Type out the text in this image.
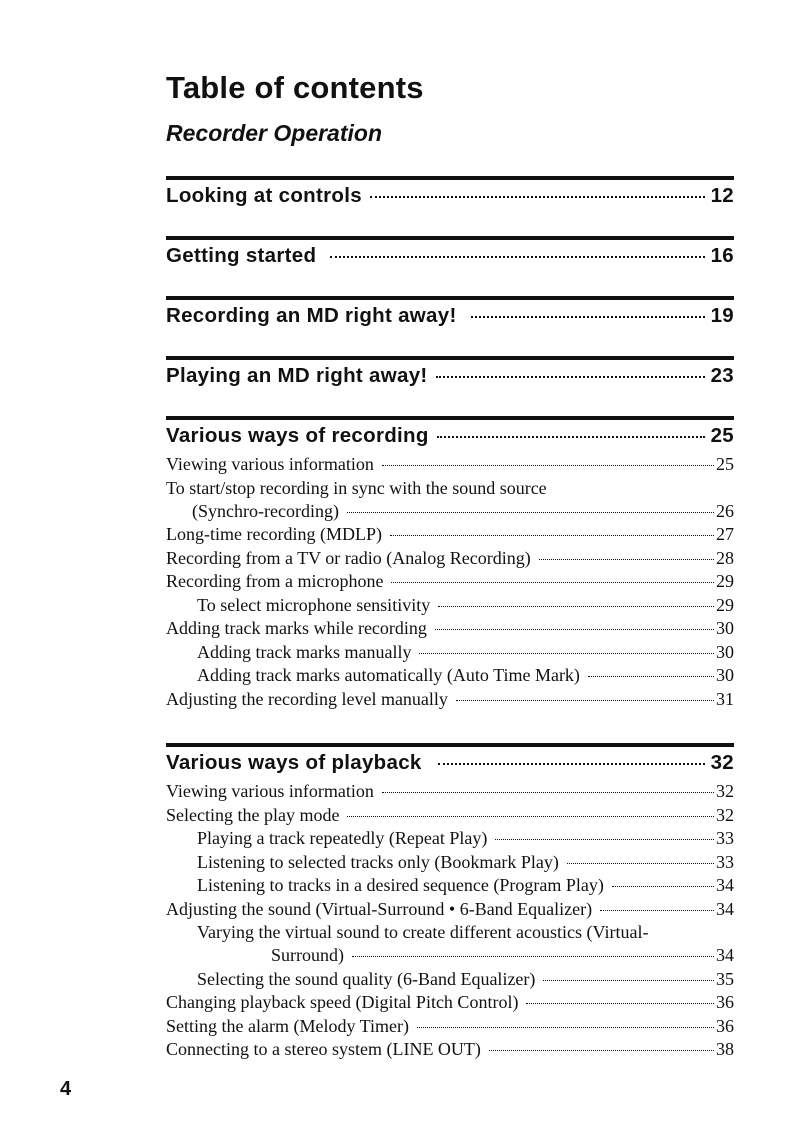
Table of contents
Recorder Operation
Looking at controls	12
Getting started	16
Recording an MD right away!	19
Playing an MD right away!	23
Various ways of recording	25
Viewing various information	25
To start/stop recording in sync with the sound source
(Synchro-recording)	26
Long-time recording (MDLP)	27
Recording from a TV or radio (Analog Recording)	28
Recording from a microphone	29
To select microphone sensitivity	29
Adding track marks while recording	30
Adding track marks manually	30
Adding track marks automatically (Auto Time Mark)	30
Adjusting the recording level manually	31
Various ways of playback	32
Viewing various information	32
Selecting the play mode	32
Playing a track repeatedly (Repeat Play)	33
Listening to selected tracks only (Bookmark Play)	33
Listening to tracks in a desired sequence (Program Play)	34
Adjusting the sound (Virtual-Surround • 6-Band Equalizer)	34
Varying the virtual sound to create different acoustics (Virtual-
Surround)	34
Selecting the sound quality (6-Band Equalizer)	35
Changing playback speed (Digital Pitch Control)	36
Setting the alarm (Melody Timer)	36
Connecting to a stereo system (LINE OUT)	38
4
